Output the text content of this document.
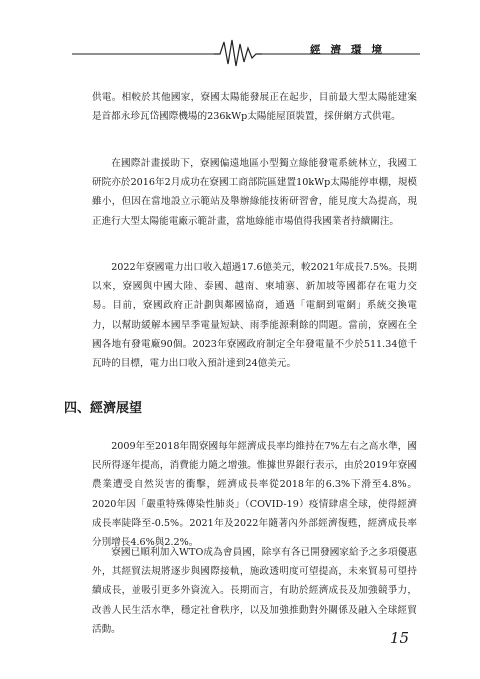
經濟環境

供電。相較於其他國家，寮國太陽能發展正在起步，目前最大型太陽能建案是首都永珍瓦岱國際機場的236kWp太陽能屋頂裝置，採併網方式供電。

在國際計畫援助下，寮國偏遠地區小型獨立綠能發電系統林立，我國工研院亦於2016年2月成功在寮國工商部院區建置10kWp太陽能停車棚，規模雖小，但因在當地設立示範站及舉辦綠能技術研習會，能見度大為提高，現正進行大型太陽能電廠示範計畫，當地綠能市場值得我國業者持續關注。

2022年寮國電力出口收入超過17.6億美元，較2021年成長7.5%。長期以來，寮國與中國大陸、泰國、越南、柬埔寨、新加坡等國都存在電力交易。目前，寮國政府正計劃與鄰國協商，通過「電網到電網」系統交換電力，以幫助緩解本國旱季電量短缺、雨季能源剩餘的問題。當前，寮國在全國各地有發電廠90個。2023年寮國政府制定全年發電量不少於511.34億千瓦時的目標，電力出口收入預計達到24億美元。

四、經濟展望

2009年至2018年間寮國每年經濟成長率均維持在7%左右之高水準，國民所得逐年提高，消費能力隨之增強。惟據世界銀行表示，由於2019年寮國農業遭受自然災害的衝擊，經濟成長率從2018年的6.3%下滑至4.8%。2020年因「嚴重特殊傳染性肺炎」（COVID-19）疫情肆虐全球，使得經濟成長率陡降至-0.5%。2021年及2022年隨著內外部經濟復甦，經濟成長率分別增長4.6%與2.2%。

寮國已順利加入WTO成為會員國，除享有各已開發國家給予之多項優惠外，其經貿法規將逐步與國際接軌，施政透明度可望提高，未來貿易可望持續成長，並吸引更多外資流入。長期而言，有助於經濟成長及加強競爭力，改善人民生活水準，穩定社會秩序，以及加強推動對外關係及融入全球經貿活動。	15
